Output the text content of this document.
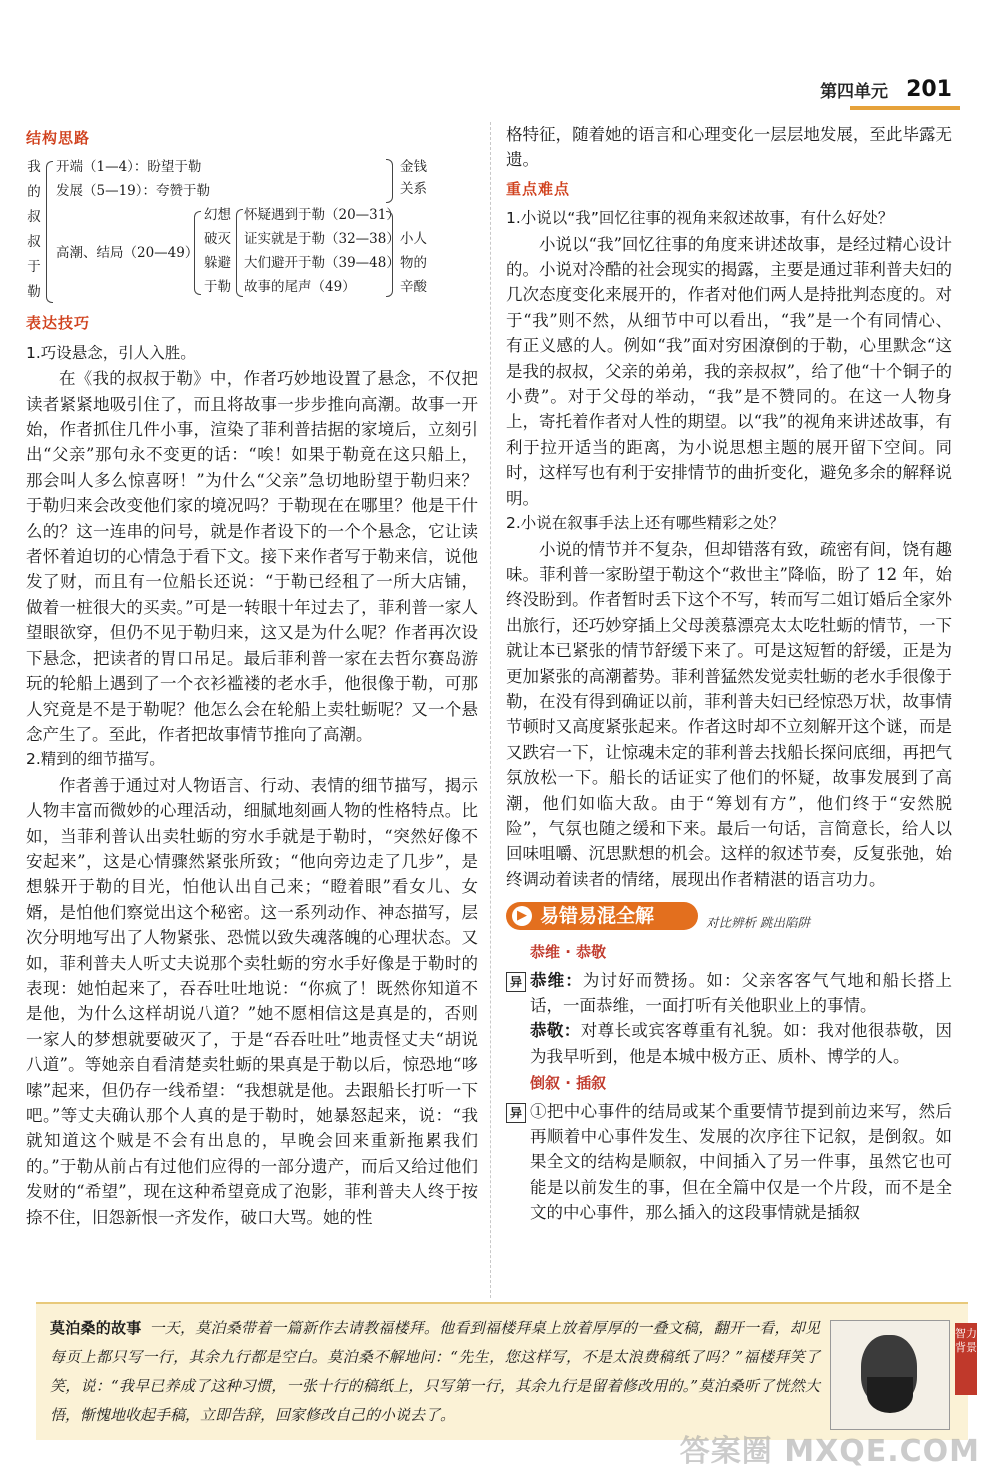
第四单元 201
结构思路
我
的
叔
叔
于
勒
开端（1—4）：盼望于勒
发展（5—19）：夸赞于勒
高潮、结局（20—49）
幻想
破灭
躲避
于勒
怀疑遇到于勒（20—31）
证实就是于勒（32—38）
大们避开于勒（39—48）
故事的尾声（49）
金钱
关系
小人
物的
辛酸
表达技巧

1.巧设悬念，引人入胜。

在《我的叔叔于勒》中，作者巧妙地设置了悬念，不仅把读者紧紧地吸引住了，而且将故事一步步推向高潮。故事一开始，作者抓住几件小事，渲染了菲利普拮据的家境后，立刻引出“父亲”那句永不变更的话：“唉！如果于勒竟在这只船上，那会叫人多么惊喜呀！”为什么“父亲”急切地盼望于勒归来？于勒归来会改变他们家的境况吗？于勒现在在哪里？他是干什么的？这一连串的问号，就是作者设下的一个个悬念，它让读者怀着迫切的心情急于看下文。接下来作者写于勒来信，说他发了财，而且有一位船长还说：“于勒已经租了一所大店铺，做着一桩很大的买卖。”可是一转眼十年过去了，菲利普一家人望眼欲穿，但仍不见于勒归来，这又是为什么呢？作者再次设下悬念，把读者的胃口吊足。最后菲利普一家在去哲尔赛岛游玩的轮船上遇到了一个衣衫褴褛的老水手，他很像于勒，可那人究竟是不是于勒呢？他怎么会在轮船上卖牡蛎呢？又一个悬念产生了。至此，作者把故事情节推向了高潮。

2.精到的细节描写。

作者善于通过对人物语言、行动、表情的细节描写，揭示人物丰富而微妙的心理活动，细腻地刻画人物的性格特点。比如，当菲利普认出卖牡蛎的穷水手就是于勒时，“突然好像不安起来”，这是心情骤然紧张所致；“他向旁边走了几步”，是想躲开于勒的目光，怕他认出自己来；“瞪着眼”看女儿、女婿，是怕他们察觉出这个秘密。这一系列动作、神态描写，层次分明地写出了人物紧张、恐慌以致失魂落魄的心理状态。又如，菲利普夫人听丈夫说那个卖牡蛎的穷水手好像是于勒时的表现：她怕起来了，吞吞吐吐地说：“你疯了！既然你知道不是他，为什么这样胡说八道？”她不愿相信这是真是的，否则一家人的梦想就要破灭了，于是“吞吞吐吐”地责怪丈夫“胡说八道”。等她亲自看清楚卖牡蛎的果真是于勒以后，惊恐地“哆嗦”起来，但仍存一线希望：“我想就是他。去跟船长打听一下吧。”等丈夫确认那个人真的是于勒时，她暴怒起来，说：“我就知道这个贼是不会有出息的，早晚会回来重新拖累我们的。”于勒从前占有过他们应得的一部分遗产，而后又给过他们发财的“希望”，现在这种希望竟成了泡影，菲利普夫人终于按捺不住，旧怨新恨一齐发作，破口大骂。她的性

格特征，随着她的语言和心理变化一层层地发展，至此毕露无遗。

重点难点

1.小说以“我”回忆往事的视角来叙述故事，有什么好处？

小说以“我”回忆往事的角度来讲述故事，是经过精心设计的。小说对冷酷的社会现实的揭露，主要是通过菲利普夫妇的几次态度变化来展开的，作者对他们两人是持批判态度的。对于“我”则不然，从细节中可以看出，“我”是一个有同情心、有正义感的人。例如“我”面对穷困潦倒的于勒，心里默念“这是我的叔叔，父亲的弟弟，我的亲叔叔”，给了他“十个铜子的小费”。对于父母的举动，“我”是不赞同的。在这一人物身上，寄托着作者对人性的期望。以“我”的视角来讲述故事，有利于拉开适当的距离，为小说思想主题的展开留下空间。同时，这样写也有利于安排情节的曲折变化，避免多余的解释说明。

2.小说在叙事手法上还有哪些精彩之处？

小说的情节并不复杂，但却错落有致，疏密有间，饶有趣味。菲利普一家盼望于勒这个“救世主”降临，盼了 12 年，始终没盼到。作者暂时丢下这个不写，转而写二姐订婚后全家外出旅行，还巧妙穿插上父母羡慕漂亮太太吃牡蛎的情节，一下就让本已紧张的情节舒缓下来了。可是这短暂的舒缓，正是为更加紧张的高潮蓄势。菲利普猛然发觉卖牡蛎的老水手很像于勒，在没有得到确证以前，菲利普夫妇已经惊恐万状，故事情节顿时又高度紧张起来。作者这时却不立刻解开这个谜，而是又跌宕一下，让惊魂未定的菲利普去找船长探问底细，再把气氛放松一下。船长的话证实了他们的怀疑，故事发展到了高潮，他们如临大敌。由于“筹划有方”，他们终于“安然脱险”，气氛也随之缓和下来。最后一句话，言简意长，给人以回味咀嚼、沉思默想的机会。这样的叙述节奏，反复张弛，始终调动着读者的情绪，展现出作者精湛的语言功力。

▶ 易错易混全解	对比辨析 跳出陷阱
恭维 · 恭敬
异 恭维：为讨好而赞扬。如：父亲客客气气地和船长搭上话，一面恭维，一面打听有关他职业上的事情。

恭敬：对尊长或宾客尊重有礼貌。如：我对他很恭敬，因为我早听到，他是本城中极方正、质朴、博学的人。

倒叙 · 插叙
异 ①把中心事件的结局或某个重要情节提到前边来写，然后再顺着中心事件发生、发展的次序往下记叙，是倒叙。如果全文的结构是顺叙，中间插入了另一件事，虽然它也可能是以前发生的事，但在全篇中仅是一个片段，而不是全文的中心事件，那么插入的这段事情就是插叙

莫泊桑的故事 一天，莫泊桑带着一篇新作去请教福楼拜。他看到福楼拜桌上放着厚厚的一叠文稿，翻开一看，却见每页上都只写一行，其余九行都是空白。莫泊桑不解地问：“先生，您这样写，不是太浪费稿纸了吗？”福楼拜笑了笑，说：“我早已养成了这种习惯，一张十行的稿纸上，只写第一行，其余九行是留着修改用的。”莫泊桑听了恍然大悟，惭愧地收起手稿，立即告辞，回家修改自己的小说去了。
智力背景
答案圈 MXQE.COM
